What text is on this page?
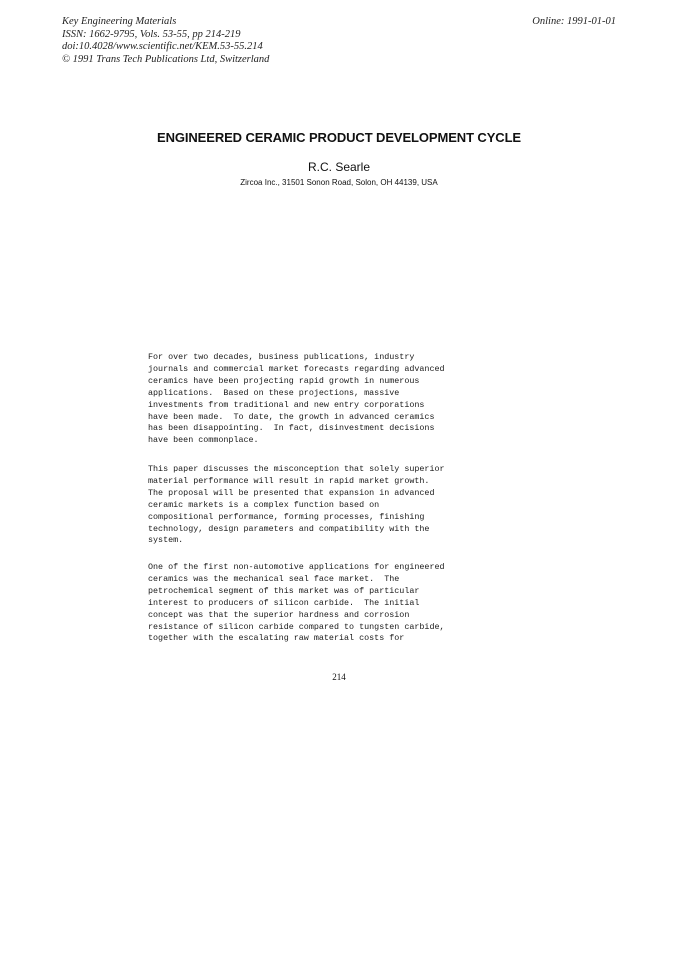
Key Engineering Materials
ISSN: 1662-9795, Vols. 53-55, pp 214-219
doi:10.4028/www.scientific.net/KEM.53-55.214
© 1991 Trans Tech Publications Ltd, Switzerland
Online: 1991-01-01
ENGINEERED CERAMIC PRODUCT DEVELOPMENT CYCLE
R.C. Searle
Zircoa Inc., 31501 Sonon Road, Solon, OH 44139, USA
For over two decades, business publications, industry
journals and commercial market forecasts regarding advanced
ceramics have been projecting rapid growth in numerous
applications.  Based on these projections, massive
investments from traditional and new entry corporations
have been made.  To date, the growth in advanced ceramics
has been disappointing.  In fact, disinvestment decisions
have been commonplace.
This paper discusses the misconception that solely superior
material performance will result in rapid market growth.
The proposal will be presented that expansion in advanced
ceramic markets is a complex function based on
compositional performance, forming processes, finishing
technology, design parameters and compatibility with the
system.
One of the first non-automotive applications for engineered
ceramics was the mechanical seal face market.  The
petrochemical segment of this market was of particular
interest to producers of silicon carbide.  The initial
concept was that the superior hardness and corrosion
resistance of silicon carbide compared to tungsten carbide,
together with the escalating raw material costs for
214
